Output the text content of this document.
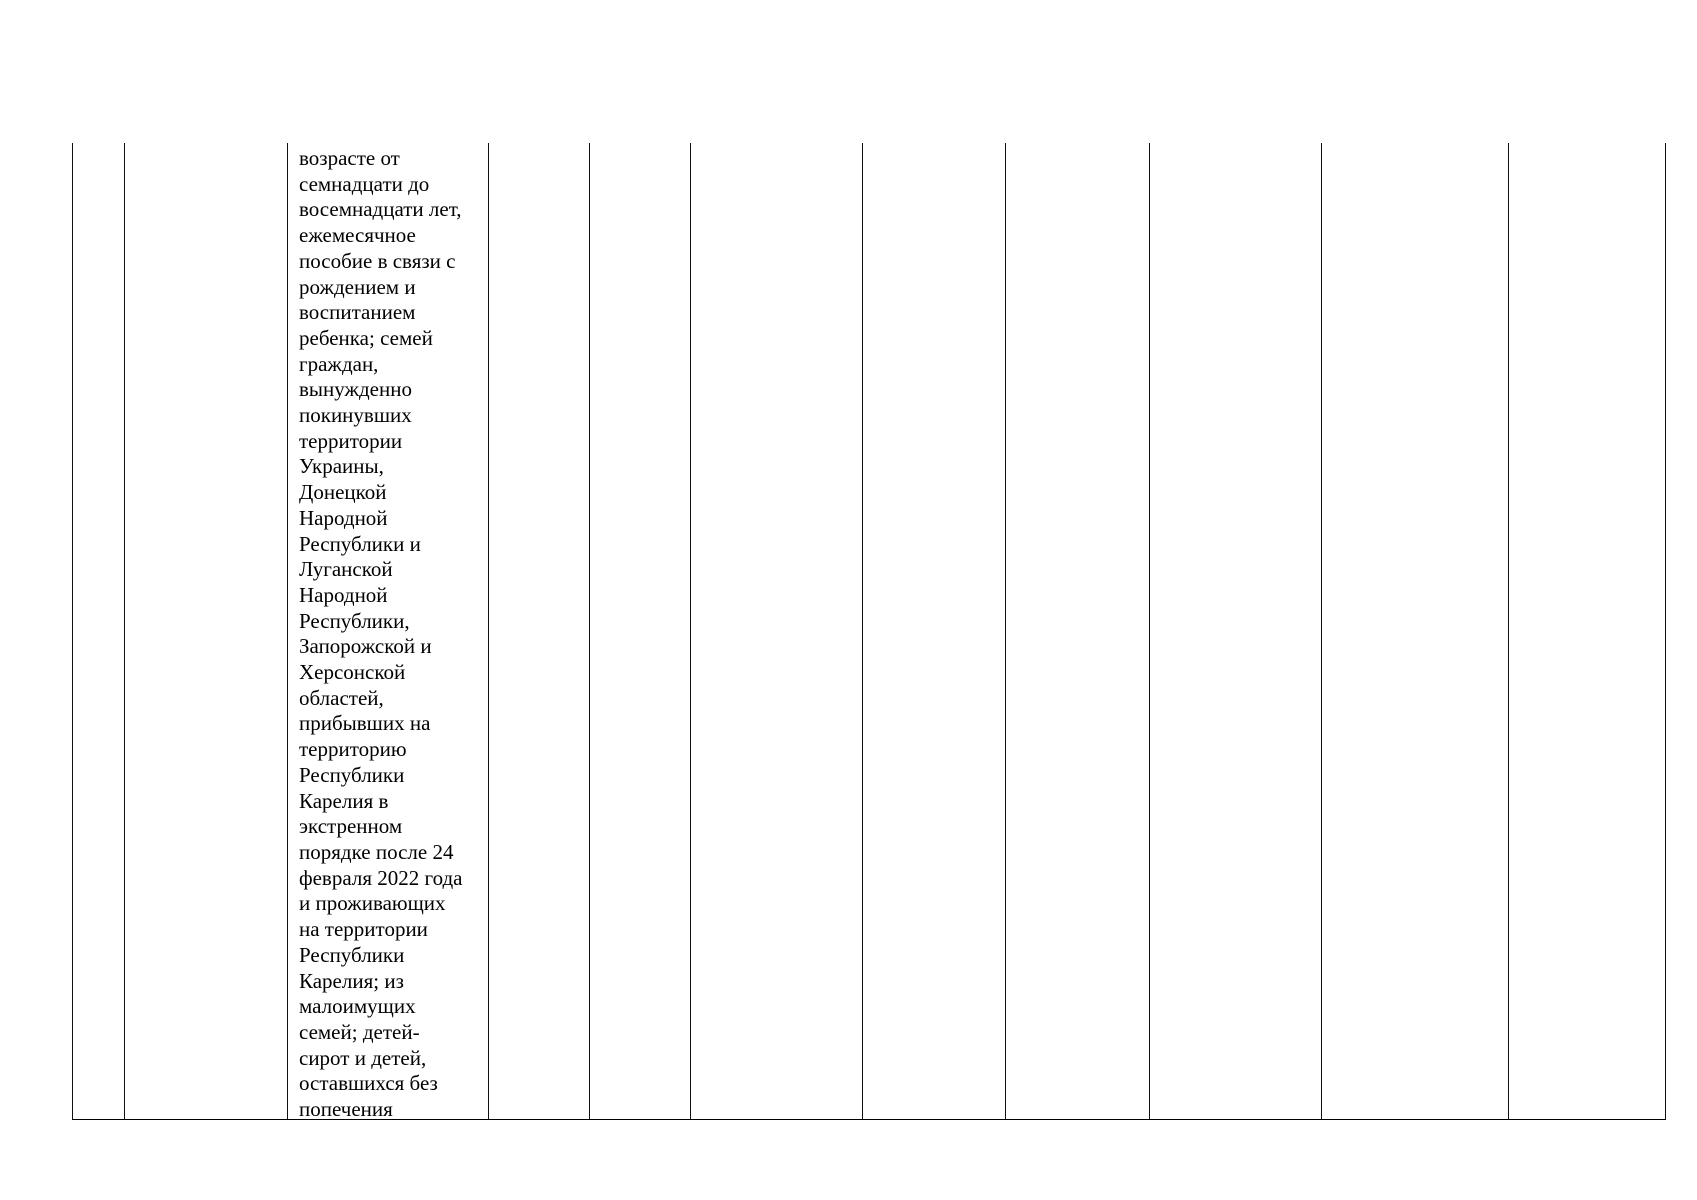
возрасте от
семнадцати до
восемнадцати лет,
ежемесячное
пособие в связи с
рождением и
воспитанием
ребенка; семей
граждан,
вынужденно
покинувших
территории
Украины,
Донецкой
Народной
Республики и
Луганской
Народной
Республики,
Запорожской и
Херсонской
областей,
прибывших на
территорию
Республики
Карелия в
экстренном
порядке после 24
февраля 2022 года
и проживающих
на территории
Республики
Карелия; из
малоимущих
семей; детей-
сирот и детей,
оставшихся без
попечения
